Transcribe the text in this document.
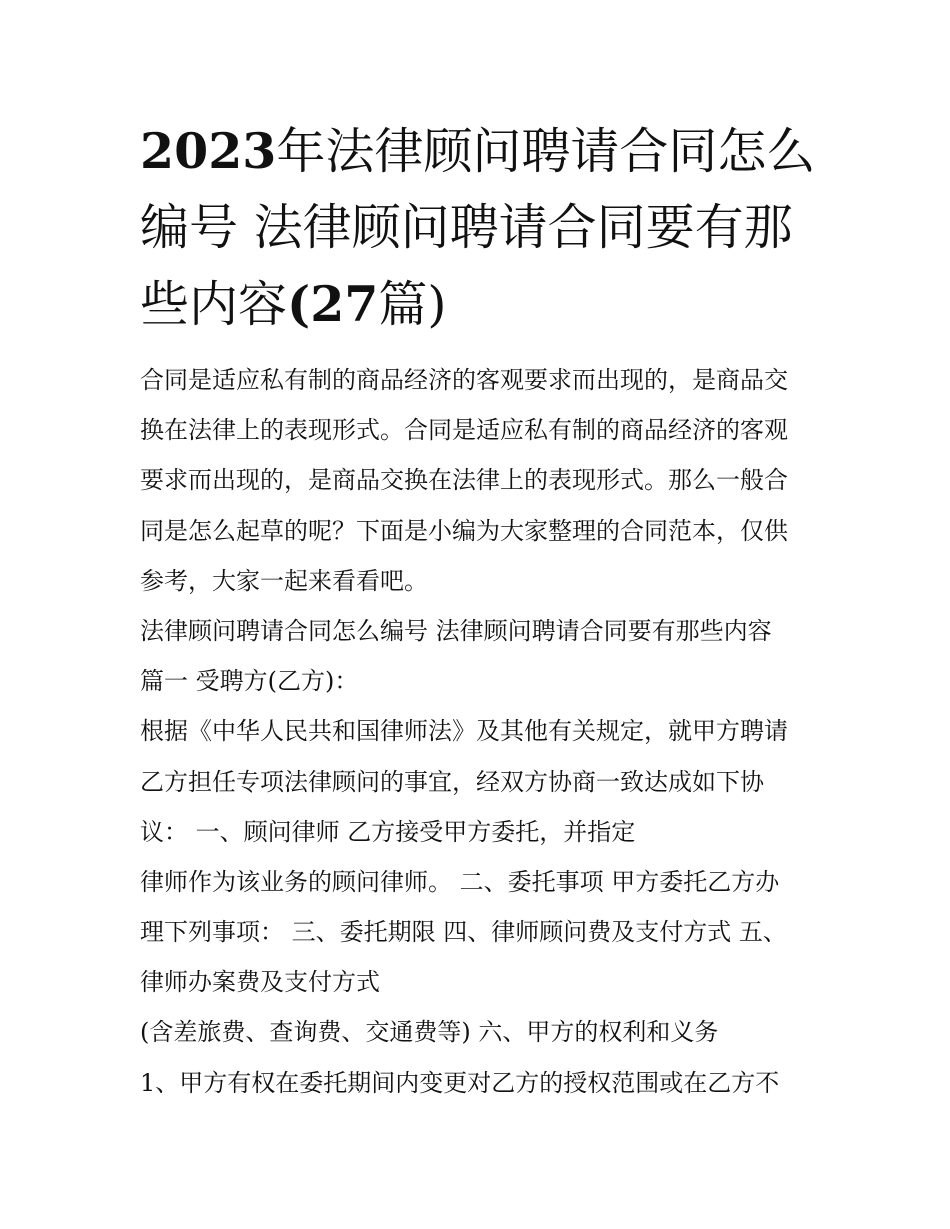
2023年法律顾问聘请合同怎么
编号 法律顾问聘请合同要有那
些内容(27篇)
合同是适应私有制的商品经济的客观要求而出现的，是商品交
换在法律上的表现形式。合同是适应私有制的商品经济的客观
要求而出现的，是商品交换在法律上的表现形式。那么一般合
同是怎么起草的呢？下面是小编为大家整理的合同范本，仅供
参考，大家一起来看看吧。
法律顾问聘请合同怎么编号 法律顾问聘请合同要有那些内容
篇一 受聘方(乙方)：
根据《中华人民共和国律师法》及其他有关规定，就甲方聘请
乙方担任专项法律顾问的事宜，经双方协商一致达成如下协
议： 一、顾问律师 乙方接受甲方委托，并指定
律师作为该业务的顾问律师。 二、委托事项 甲方委托乙方办
理下列事项： 三、委托期限 四、律师顾问费及支付方式 五、
律师办案费及支付方式
(含差旅费、查询费、交通费等) 六、甲方的权利和义务
1、甲方有权在委托期间内变更对乙方的授权范围或在乙方不
